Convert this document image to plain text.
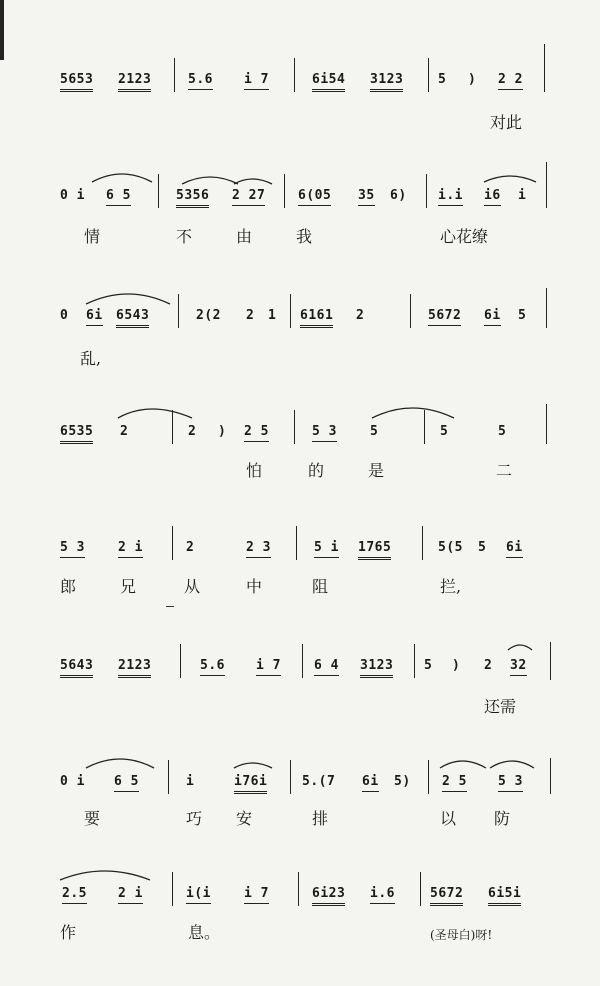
5653 2123	5.6 i 7	6i54 3123	5 ) 2 2
对此
0 i 6 5	5356 2 27	6(05 35 6) i.i i6 i
情	不	由	我	心花缭
0 6i 6543	2(2 2 1 6161 2	5672 6i 5
乱,
6535 2	2 ) 2 5	5 3	5	5	5
怕	的	是	二
5 3	2 i	2	2 3	5 i 1765	5(5 5 6i
郎	兄	从	中	阻	拦,
5643 2123	5.6 i 7	6 4 3123 5 ) 2 32
还需
0 i 6 5	i	i76i	5.(7 6i 5) 2 5 5 3
要	巧 安	排	以 防
2.5 2 i	i(i	i 7	6i23 i.6	5672 6i5i
作	息。	(圣母白)呀!
